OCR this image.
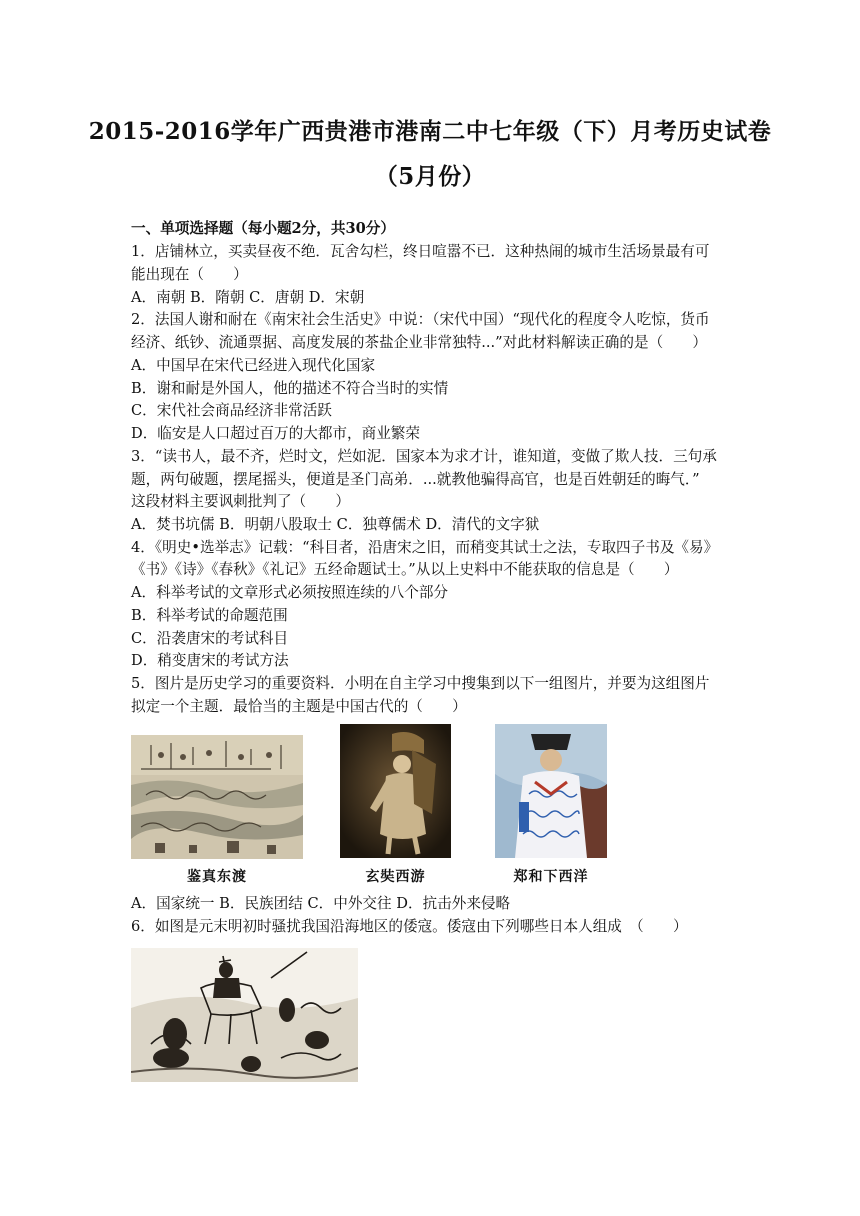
2015-2016学年广西贵港市港南二中七年级（下）月考历史试卷
（5月份）
一、单项选择题（每小题2分，共30分）
1．店铺林立，买卖昼夜不绝．瓦舍勾栏，终日喧嚣不已．这种热闹的城市生活场景最有可
能出现在（　　）
A．南朝 B．隋朝 C．唐朝 D．宋朝
2．法国人谢和耐在《南宋社会生活史》中说：（宋代中国）“现代化的程度令人吃惊，货币
经济、纸钞、流通票据、高度发展的茶盐企业非常独特...”对此材料解读正确的是（　　）
A．中国早在宋代已经进入现代化国家
B．谢和耐是外国人，他的描述不符合当时的实情
C．宋代社会商品经济非常活跃
D．临安是人口超过百万的大都市，商业繁荣
3．“读书人，最不齐，烂时文，烂如泥．国家本为求才计，谁知道，变做了欺人技．三句承
题，两句破题，摆尾摇头，便道是圣门高弟．...就教他骗得高官，也是百姓朝廷的晦气．”
这段材料主要讽刺批判了（　　）
A．焚书坑儒 B．明朝八股取士 C．独尊儒术 D．清代的文字狱
4．《明史•选举志》记载：“科目者，沿唐宋之旧，而稍变其试士之法，专取四子书及《易》
《书》《诗》《春秋》《礼记》五经命题试士。”从以上史料中不能获取的信息是（　　）
A．科举考试的文章形式必须按照连续的八个部分
B．科举考试的命题范围
C．沿袭唐宋的考试科目
D．稍变唐宋的考试方法
5．图片是历史学习的重要资料．小明在自主学习中搜集到以下一组图片，并要为这组图片
拟定一个主题．最恰当的主题是中国古代的（　　）
鉴真东渡	玄奘西游	郑和下西洋
A．国家统一 B．民族团结 C．中外交往 D．抗击外来侵略
6．如图是元末明初时骚扰我国沿海地区的倭寇。倭寇由下列哪些日本人组成　（　　）
